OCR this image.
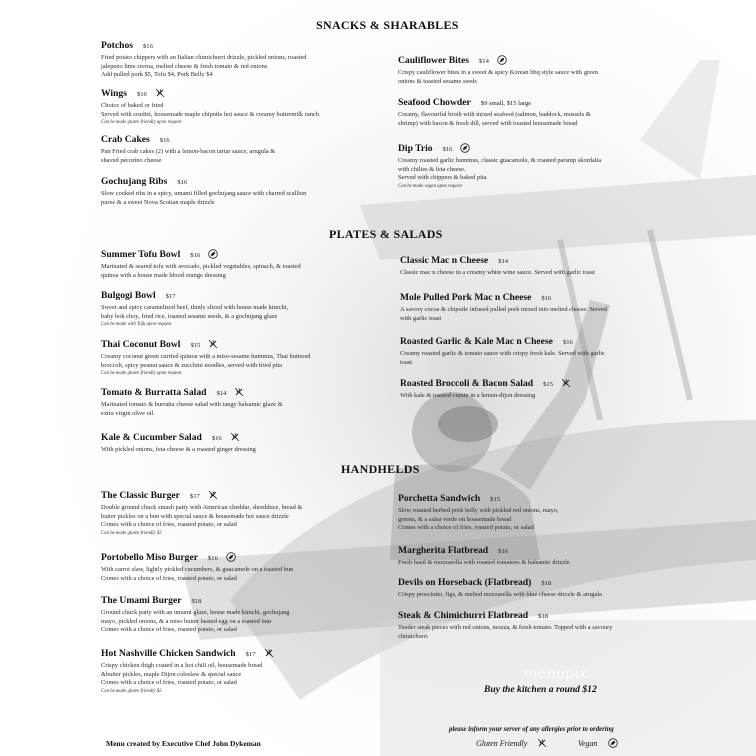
SNACKS & SHARABLES
PLATES & SALADS
HANDHELDS
Potchos $16
Fried potato chippers with an Italian chimichurri drizzle, pickled onions, roasted
jalepeno lime crema, melted cheese & fresh tomato & red onions
Add pulled pork $5, Tofu $4, Pork Belly $4
Wings $16
Choice of baked or fried
Served with crudité, housemade maple chipotle hot sauce & creamy buttermilk ranch
Can be made gluten friendly upon request
Crab Cakes $16
Pan Fried crab cakes (2) with a lemon-bacon tartar sauce, arugula &
shaved pecorino cheese
Gochujang Ribs $16
Slow cooked ribs in a spicy, umami filled gochujang sauce with charred scallion
puree & a sweet Nova Scotian maple drizzle
Cauliflower Bites $14
Crispy cauliflower bites in a sweet & spicy Korean bbq style sauce with green
onions & toasted sesame seeds
Seafood Chowder $9 small, $15 large
Creamy, flavourful broth with mixed seafood (salmon, haddock, mussels &
shrimp) with bacon & fresh dill, served with toasted housemade bread
Dip Trio $16
Creamy roasted garlic hummus, classic guacamole, & roasted parsnip skordalia
with chilies & feta cheese.
Served with chippers & baked pita
Can be made vegan upon request
Summer Tofu Bowl $16
Marinated & seared tofu with avocado, pickled vegetables, spinach, & toasted
quinoa with a house made blood orange dressing
Bulgogi Bowl $17
Sweet and spicy caramelized beef, thinly sliced with house made kimchi,
baby bok choy, fried rice, toasted sesame seeds, & a gochujang glaze
Can be made with Tofu upon request
Thai Coconut Bowl $15
Creamy coconut green curried quinoa with a miso-sesame hummus, Thai buttered
broccoli, spicy peanut sauce & zucchini noodles, served with fried pita
Can be made gluten friendly upon request
Tomato & Burratta Salad $14
Marinated tomato & burratta cheese salad with tangy balsamic glaze &
extra virgin olive oil
Kale & Cucumber Salad $16
With pickled onions, feta cheese & a roasted ginger dressing
Classic Mac n Cheese $14
Classic mac n cheese in a creamy white wine sauce. Served with garlic toast
Mole Pulled Pork Mac n Cheese $16
A savory cocoa & chipotle infused pulled pork mixed into melted cheese. Served
with garlic toast
Roasted Garlic & Kale Mac n Cheese $16
Creamy roasted garlic & tomato sauce with crispy fresh kale. Served with garlic
toast
Roasted Broccoli & Bacon Salad $15
With kale & toasted cumin in a lemon-dijon dressing
The Classic Burger $17
Double ground chuck smash patty with American cheddar, shredduce, bread &
butter pickles on a bun with special sauce & housemade hot sauce drizzle
Comes with a choice of fries, roasted potato, or salad
Can be made gluten friendly $2
Portobello Miso Burger $16
With carrot slaw, lightly pickled cucumbers, & guacamole on a toasted bun
Comes with a choice of fries, roasted potato, or salad
The Umami Burger $18
Ground chuck patty with an umami glaze, house made kimchi, gochujang
mayo, pickled onions, & a miso butter basted egg on a toasted bun
Comes with a choice of fries, roasted potato, or salad
Hot Nashville Chicken Sandwich $17
Crispy chicken thigh coated in a hot chili oil, housemade bread
&butter pickles, maple Dijon coleslaw & special sauce
Comes with a choice of fries, roasted potato, or salad
Can be made gluten friendly $2
Porchetta Sandwich $15
Slow roasted herbed pork belly with pickled red onions, mayo,
greens, & a salsa verde on housemade bread
Comes with a choice of fries, roasted potato, or salad
Margherita Flatbread $16
Fresh basil & mozzarella with roasted tomatoes & balsamic drizzle
Devils on Horseback (Flatbread) $18
Crispy prosciutto, figs, & melted mozzarella with blue cheese drizzle & arugala
Steak & Chimichurri Flatbread $18
Tender steak pieces with red onions, mozza, & fresh tomato. Topped with a savoury
chimichurri
menupix
Buy the kitchen a round $12
Menu created by Executive Chef John Dykeman
please inform your server of any allergies prior to ordering
Gluten Friendly	Vegan
